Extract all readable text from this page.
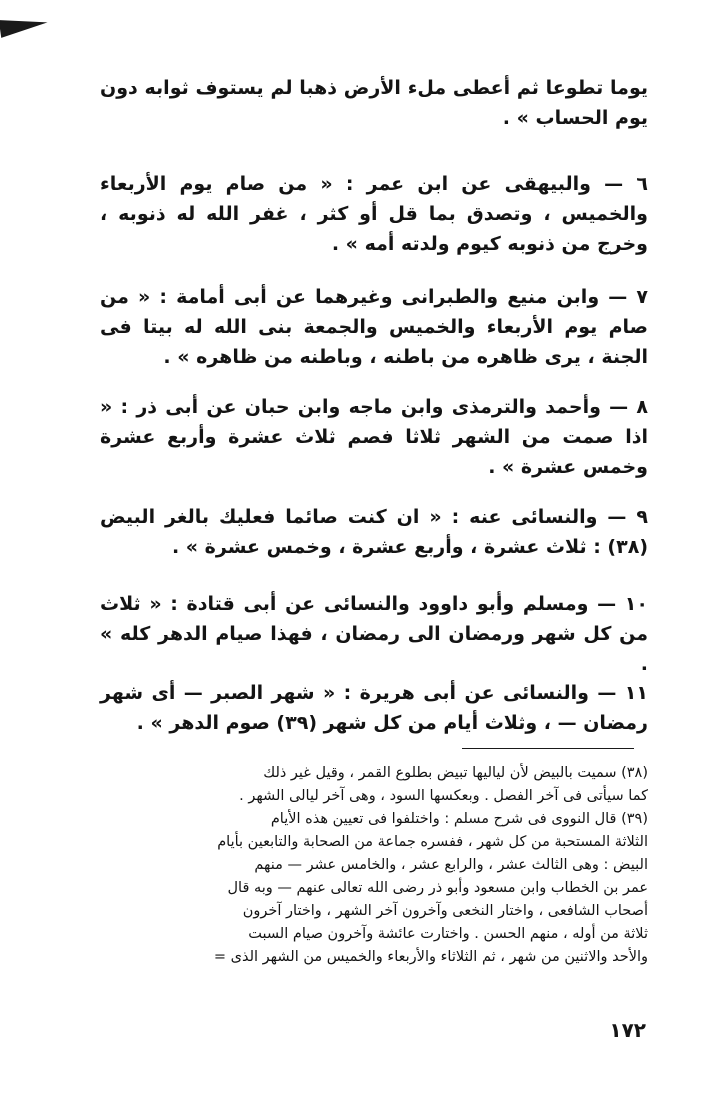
يوما تطوعا ثم أعطى ملء الأرض ذهبا لم يستوف ثوابه دون يوم الحساب » .

٦ — والبيهقى عن ابن عمر : « من صام يوم الأربعاء والخميس ، وتصدق بما قل أو كثر ، غفر الله له ذنوبه ، وخرج من ذنوبه كيوم ولدته أمه » .

٧ — وابن منيع والطبرانى وغيرهما عن أبى أمامة : « من صام يوم الأربعاء والخميس والجمعة بنى الله له بيتا فى الجنة ، يرى ظاهره من باطنه ، وباطنه من ظاهره » .

٨ — وأحمد والترمذى وابن ماجه وابن حبان عن أبى ذر : « اذا صمت من الشهر ثلاثا فصم ثلاث عشرة وأربع عشرة وخمس عشرة » .

٩ — والنسائى عنه : « ان كنت صائما فعليك بالغر البيض (٣٨) : ثلاث عشرة ، وأربع عشرة ، وخمس عشرة » .

١٠ — ومسلم وأبو داوود والنسائى عن أبى قتادة : « ثلاث من كل شهر ورمضان الى رمضان ، فهذا صيام الدهر كله » .

١١ — والنسائى عن أبى هريرة : « شهر الصبر — أى شهر رمضان — ، وثلاث أيام من كل شهر (٣٩) صوم الدهر » .

(٣٨) سميت بالبيض لأن لياليها تبيض بطلوع القمر ، وقيل غير ذلك

كما سيأتى فى آخر الفصل . وبعكسها السود ، وهى آخر ليالى الشهر .

(٣٩) قال النووى فى شرح مسلم : واختلفوا فى تعيين هذه الأيام

الثلاثة المستحبة من كل شهر ، ففسره جماعة من الصحابة والتابعين بأيام

البيض : وهى الثالث عشر ، والرابع عشر ، والخامس عشر — منهم

عمر بن الخطاب وابن مسعود وأبو ذر رضى الله تعالى عنهم — وبه قال

أصحاب الشافعى ، واختار النخعى وآخرون آخر الشهر ، واختار آخرون

ثلاثة من أوله ، منهم الحسن . واختارت عائشة وآخرون صيام السبت

والأحد والاثنين من شهر ، ثم الثلاثاء والأربعاء والخميس من الشهر الذى =

١٧٢
